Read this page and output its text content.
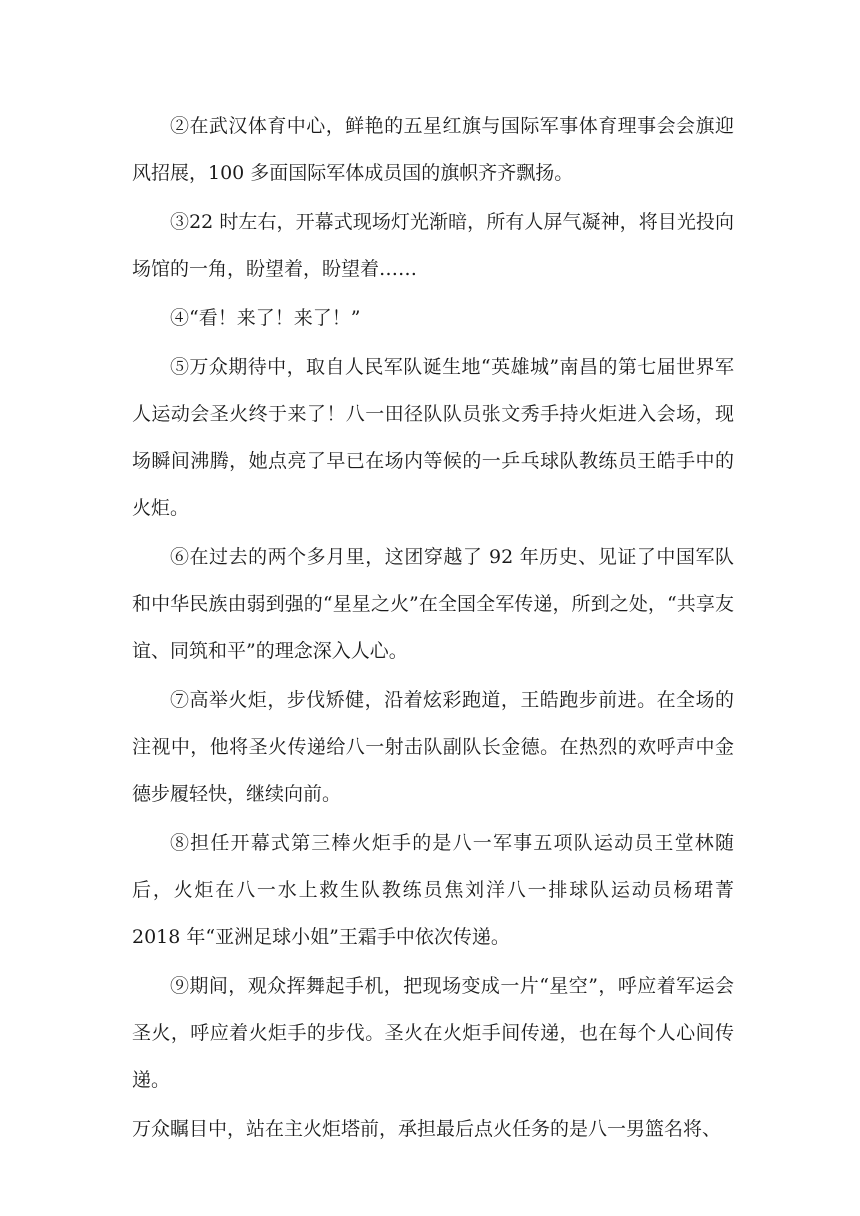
②在武汉体育中心，鲜艳的五星红旗与国际军事体育理事会会旗迎风招展，100 多面国际军体成员国的旗帜齐齐飘扬。

③22 时左右，开幕式现场灯光渐暗，所有人屏气凝神，将目光投向场馆的一角，盼望着，盼望着……

④“看！来了！来了！”

⑤万众期待中，取自人民军队诞生地“英雄城”南昌的第七届世界军人运动会圣火终于来了！八一田径队队员张文秀手持火炬进入会场，现场瞬间沸腾，她点亮了早已在场内等候的一乒乓球队教练员王皓手中的火炬。

⑥在过去的两个多月里，这团穿越了 92 年历史、见证了中国军队和中华民族由弱到强的“星星之火”在全国全军传递，所到之处，“共享友谊、同筑和平”的理念深入人心。

⑦高举火炬，步伐矫健，沿着炫彩跑道，王皓跑步前进。在全场的注视中，他将圣火传递给八一射击队副队长金德。在热烈的欢呼声中金德步履轻快，继续向前。

⑧担任开幕式第三棒火炬手的是八一军事五项队运动员王堂林随后，火炬在八一水上救生队教练员焦刘洋八一排球队运动员杨珺菁 2018 年“亚洲足球小姐”王霜手中依次传递。

⑨期间，观众挥舞起手机，把现场变成一片“星空”，呼应着军运会圣火，呼应着火炬手的步伐。圣火在火炬手间传递，也在每个人心间传递。

万众瞩目中，站在主火炬塔前，承担最后点火任务的是八一男篮名将、
